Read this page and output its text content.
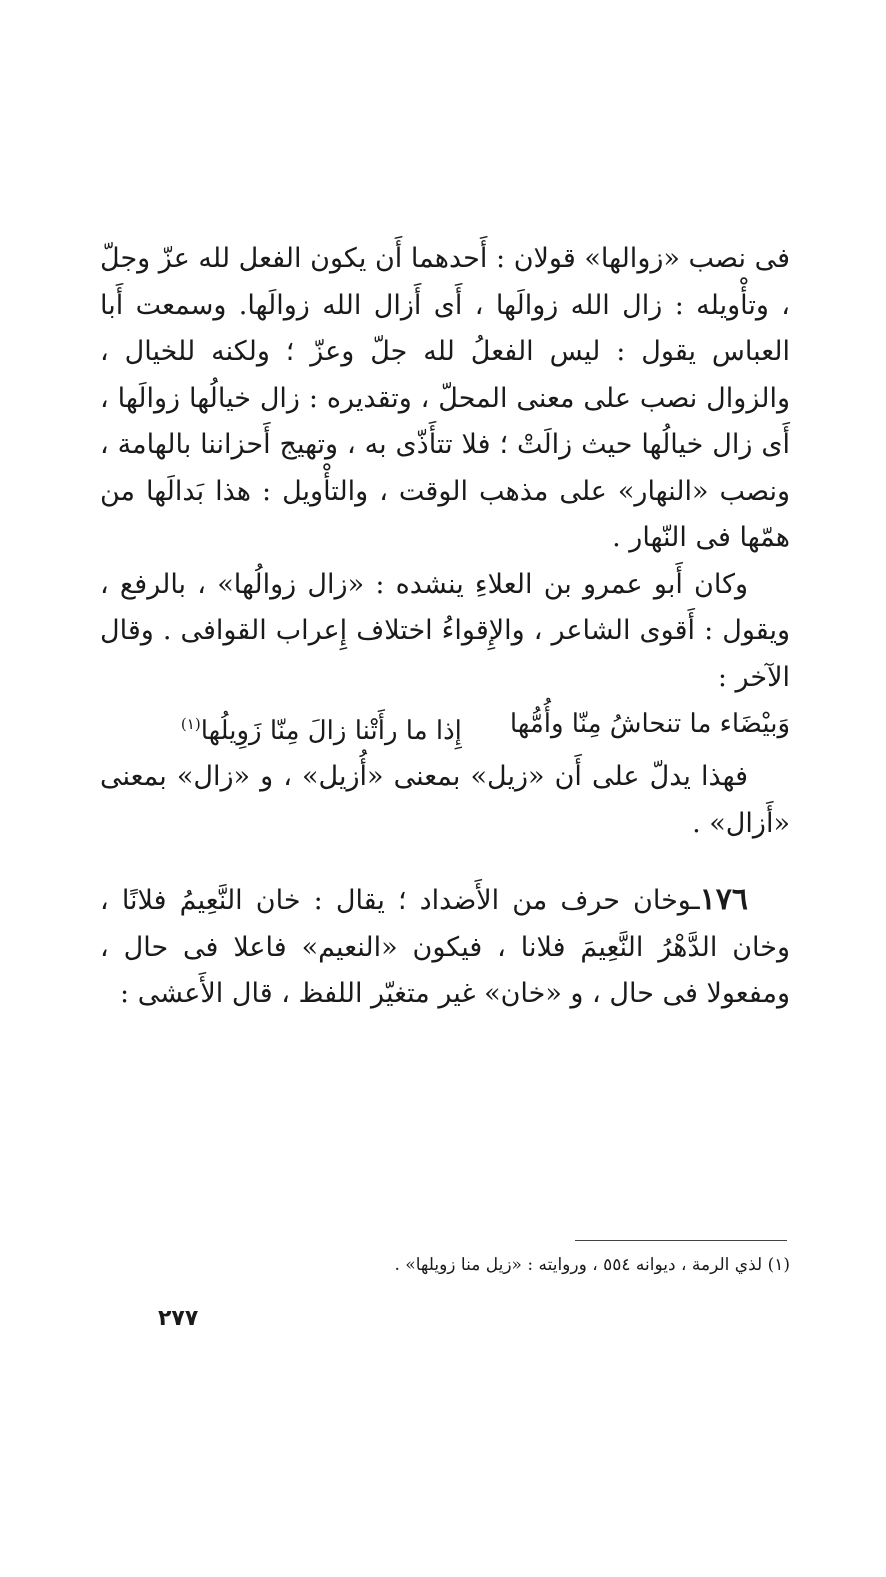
فى نصب «زوالها» قولان : أَحدهما أَن يكون الفعل لله عزّ وجلّ ، وتأْويله : زال الله زوالَها ، أَى أَزال الله زوالَها. وسمعت أَبا العباس يقول : ليس الفعلُ لله جلّ وعزّ ؛ ولكنه للخيال ، والزوال نصب على معنى المحلّ ، وتقديره : زال خيالُها زوالَها ، أَى زال خيالُها حيث زالَتْ ؛ فلا تتأَذّى به ، وتهيج أَحزاننا بالهامة ، ونصب «النهار» على مذهب الوقت ، والتأْويل : هذا بَدالَها من همّها فى النّهار .

وكان أَبو عمرو بن العلاءِ ينشده : «زال زوالُها» ، بالرفع ، ويقول : أَقوى الشاعر ، والإِقواءُ اختلاف إِعراب القوافى . وقال الآخر :

وَبيْضَاء ما تنحاشُ مِنّا وأُمُّها
إِذا ما رأَتْنا زالَ مِنّا زَوِيلُها$^{(١)}$

فهذا يدلّ على أَن «زيل» بمعنى «أُزيل» ، و «زال» بمعنى «أَزال» .

١٧٦ـوخان حرف من الأَضداد ؛ يقال : خان النَّعِيمُ فلانًا ، وخان الدَّهْرُ النَّعِيمَ فلانا ، فيكون «النعيم» فاعلا فى حال ، ومفعولا فى حال ، و «خان» غير متغيّر اللفظ ، قال الأَعشى :

(١) لذي الرمة ، ديوانه ٥٥٤ ، وروايته : «زيل منا زويلها» .
٢٧٧
